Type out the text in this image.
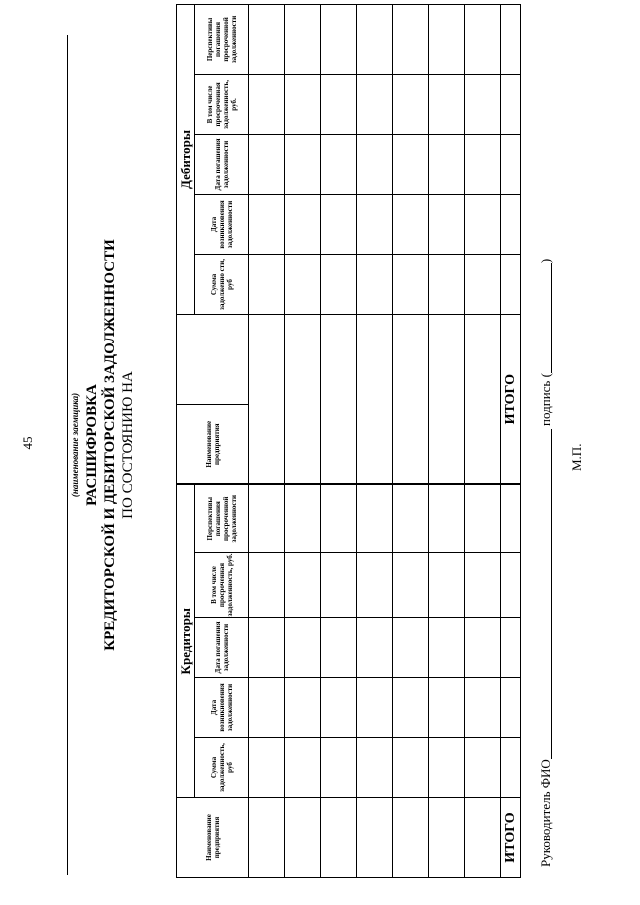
45	(наименование заемщика) РАСШИФРОВКА КРЕДИТОРСКОЙ И ДЕБИТОРСКОЙ ЗАДОЛЖЕННОСТИ ПО СОСТОЯНИЮ НА
Наименование предприятия	Кредиторы					Наименование предприятия		Дебиторы				
	Сумма задолженность, руб	Дата возникновения задолженности	Дата погашения задолженности	В том числе просроченная задолженность, руб.	Перспективы погашения просроченной задолженности			Сумма задолженно сти, руб	Дата возникновения задолженности	Дата погашения задолженности	В том числе просроченная задолженность, руб.	Перспективы погашения просроченной задолженности

ИТОГО						ИТОГО						
Руководитель ФИО подпись ()
М.П.
